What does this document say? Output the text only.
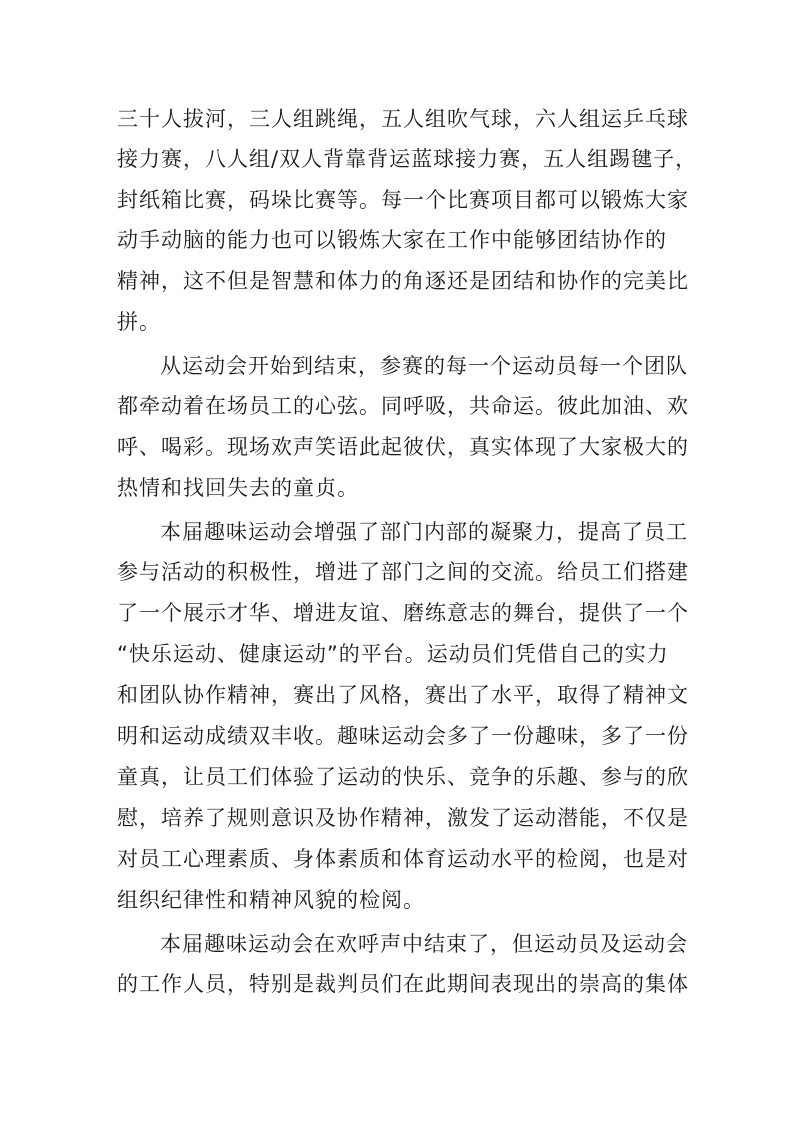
三十人拔河，三人组跳绳，五人组吹气球，六人组运乒乓球
接力赛，八人组/双人背靠背运蓝球接力赛，五人组踢毽子，
封纸箱比赛，码垛比赛等。每一个比赛项目都可以锻炼大家
动手动脑的能力也可以锻炼大家在工作中能够团结协作的
精神，这不但是智慧和体力的角逐还是团结和协作的完美比
拼。
从运动会开始到结束，参赛的每一个运动员每一个团队
都牵动着在场员工的心弦。同呼吸，共命运。彼此加油、欢
呼、喝彩。现场欢声笑语此起彼伏，真实体现了大家极大的
热情和找回失去的童贞。
本届趣味运动会增强了部门内部的凝聚力，提高了员工
参与活动的积极性，增进了部门之间的交流。给员工们搭建
了一个展示才华、增进友谊、磨练意志的舞台，提供了一个
“快乐运动、健康运动”的平台。运动员们凭借自己的实力
和团队协作精神，赛出了风格，赛出了水平，取得了精神文
明和运动成绩双丰收。趣味运动会多了一份趣味，多了一份
童真，让员工们体验了运动的快乐、竞争的乐趣、参与的欣
慰，培养了规则意识及协作精神，激发了运动潜能，不仅是
对员工心理素质、身体素质和体育运动水平的检阅，也是对
组织纪律性和精神风貌的检阅。
本届趣味运动会在欢呼声中结束了，但运动员及运动会
的工作人员，特别是裁判员们在此期间表现出的崇高的集体
